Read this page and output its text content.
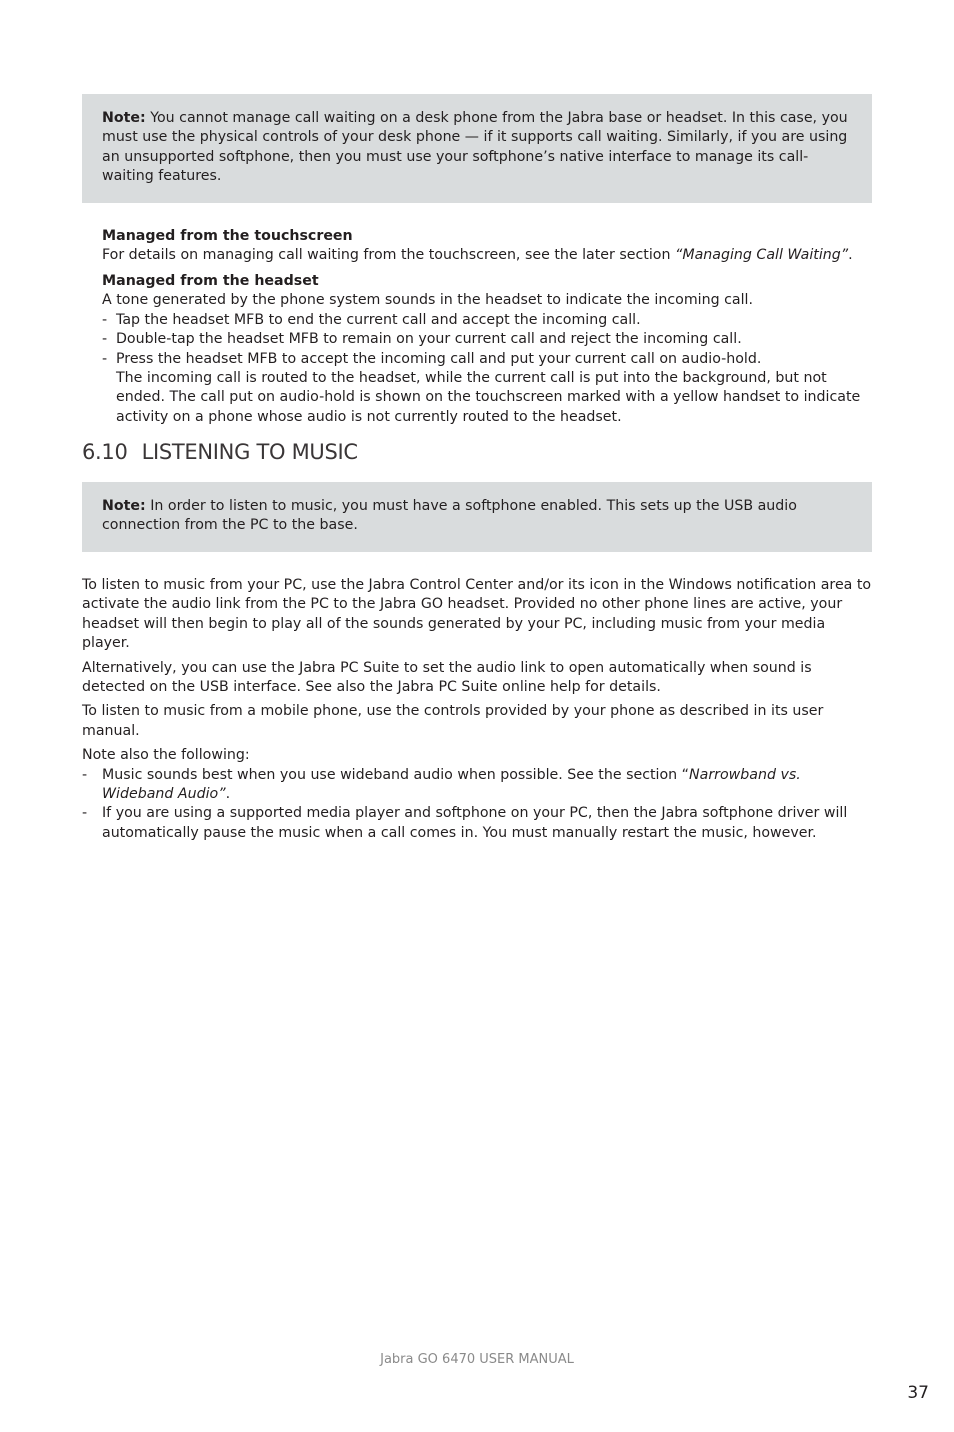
Note: You cannot manage call waiting on a desk phone from the Jabra base or headset. In this case, you must use the physical controls of your desk phone — if it supports call waiting. Similarly, if you are using an unsupported softphone, then you must use your softphone’s native interface to manage its call-waiting features.

Managed from the touchscreen

For details on managing call waiting from the touchscreen, see the later section “Managing Call Waiting”.

Managed from the headset

A tone generated by the phone system sounds in the headset to indicate the incoming call.

- Tap the headset MFB to end the current call and accept the incoming call.

- Double-tap the headset MFB to remain on your current call and reject the incoming call.

- Press the headset MFB to accept the incoming call and put your current call on audio-hold.

The incoming call is routed to the headset, while the current call is put into the background, but not ended. The call put on audio-hold is shown on the touchscreen marked with a yellow handset to indicate activity on a phone whose audio is not currently routed to the headset.

6.10 LISTENING TO MUSIC

Note: In order to listen to music, you must have a softphone enabled. This sets up the USB audio connection from the PC to the base.

To listen to music from your PC, use the Jabra Control Center and/or its icon in the Windows notification area to activate the audio link from the PC to the Jabra GO headset. Provided no other phone lines are active, your headset will then begin to play all of the sounds generated by your PC, including music from your media player.

Alternatively, you can use the Jabra PC Suite to set the audio link to open automatically when sound is detected on the USB interface. See also the Jabra PC Suite online help for details.

To listen to music from a mobile phone, use the controls provided by your phone as described in its user manual.

Note also the following:

- Music sounds best when you use wideband audio when possible. See the section “Narrowband vs. Wideband Audio”.

- If you are using a supported media player and softphone on your PC, then the Jabra softphone driver will automatically pause the music when a call comes in. You must manually restart the music, however.

Jabra GO 6470 USER MANUAL
37
